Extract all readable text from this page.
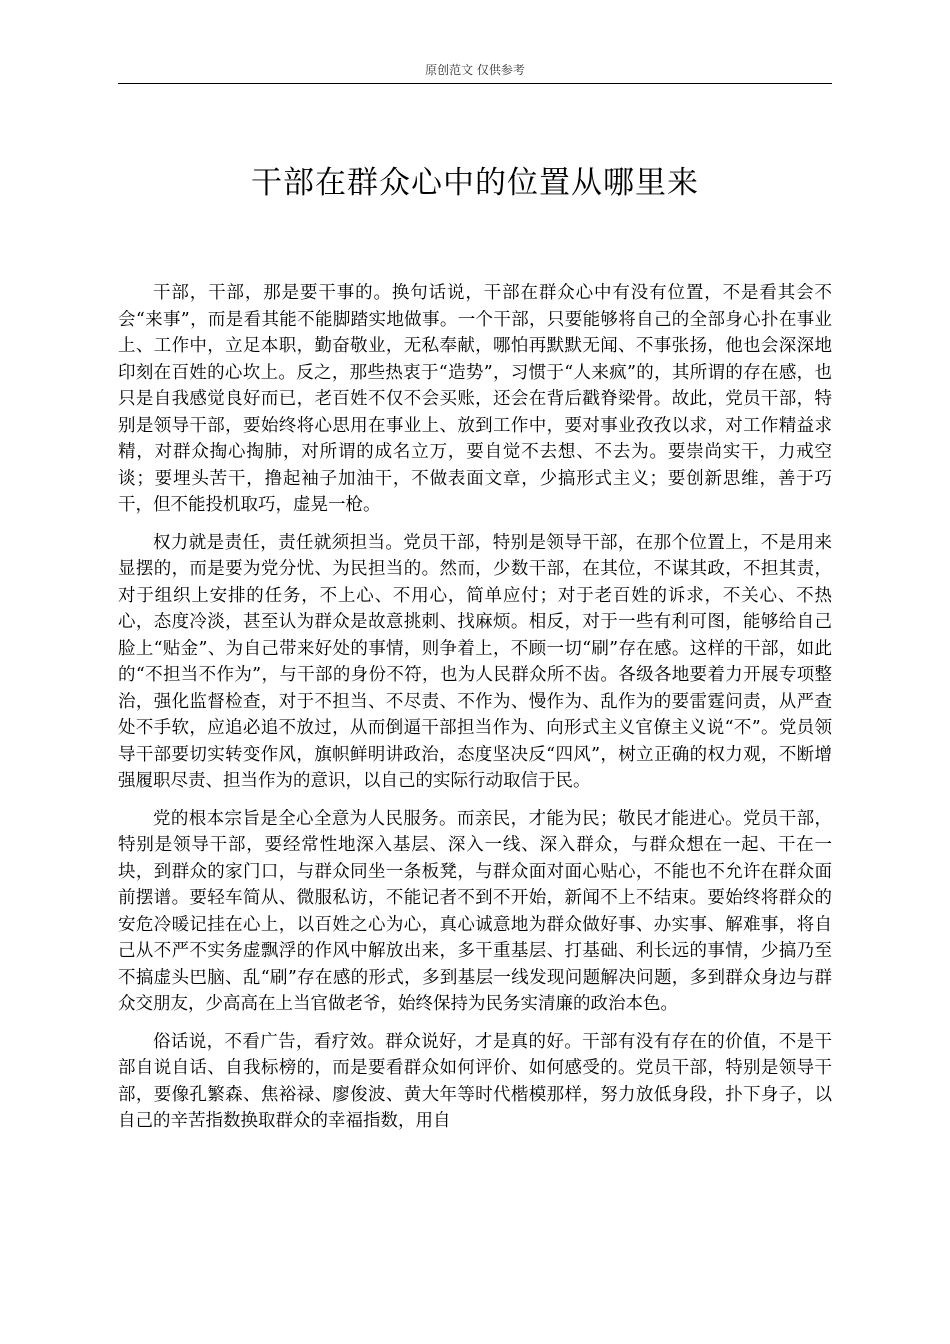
原创范文 仅供参考
干部在群众心中的位置从哪里来

干部，干部，那是要干事的。换句话说，干部在群众心中有没有位置，不是看其会不会“来事”，而是看其能不能脚踏实地做事。一个干部，只要能够将自己的全部身心扑在事业上、工作中，立足本职，勤奋敬业，无私奉献，哪怕再默默无闻、不事张扬，他也会深深地印刻在百姓的心坎上。反之，那些热衷于“造势”，习惯于“人来疯”的，其所谓的存在感，也只是自我感觉良好而已，老百姓不仅不会买账，还会在背后戳脊梁骨。故此，党员干部，特别是领导干部，要始终将心思用在事业上、放到工作中，要对事业孜孜以求，对工作精益求精，对群众掏心掏肺，对所谓的成名立万，要自觉不去想、不去为。要崇尚实干，力戒空谈；要埋头苦干，撸起袖子加油干，不做表面文章，少搞形式主义；要创新思维，善于巧干，但不能投机取巧，虚晃一枪。

权力就是责任，责任就须担当。党员干部，特别是领导干部，在那个位置上，不是用来显摆的，而是要为党分忧、为民担当的。然而，少数干部，在其位，不谋其政，不担其责，对于组织上安排的任务，不上心、不用心，简单应付；对于老百姓的诉求，不关心、不热心，态度冷淡，甚至认为群众是故意挑刺、找麻烦。相反，对于一些有利可图，能够给自己脸上“贴金”、为自己带来好处的事情，则争着上，不顾一切“刷”存在感。这样的干部，如此的“不担当不作为”，与干部的身份不符，也为人民群众所不齿。各级各地要着力开展专项整治，强化监督检查，对于不担当、不尽责、不作为、慢作为、乱作为的要雷霆问责，从严查处不手软，应追必追不放过，从而倒逼干部担当作为、向形式主义官僚主义说“不”。党员领导干部要切实转变作风，旗帜鲜明讲政治，态度坚决反“四风”，树立正确的权力观，不断增强履职尽责、担当作为的意识，以自己的实际行动取信于民。

党的根本宗旨是全心全意为人民服务。而亲民，才能为民；敬民才能进心。党员干部，特别是领导干部，要经常性地深入基层、深入一线、深入群众，与群众想在一起、干在一块，到群众的家门口，与群众同坐一条板凳，与群众面对面心贴心，不能也不允许在群众面前摆谱。要轻车简从、微服私访，不能记者不到不开始，新闻不上不结束。要始终将群众的安危冷暖记挂在心上，以百姓之心为心，真心诚意地为群众做好事、办实事、解难事，将自己从不严不实务虚飘浮的作风中解放出来，多干重基层、打基础、利长远的事情，少搞乃至不搞虚头巴脑、乱“刷”存在感的形式，多到基层一线发现问题解决问题，多到群众身边与群众交朋友，少高高在上当官做老爷，始终保持为民务实清廉的政治本色。

俗话说，不看广告，看疗效。群众说好，才是真的好。干部有没有存在的价值，不是干部自说自话、自我标榜的，而是要看群众如何评价、如何感受的。党员干部，特别是领导干部，要像孔繁森、焦裕禄、廖俊波、黄大年等时代楷模那样，努力放低身段，扑下身子，以自己的辛苦指数换取群众的幸福指数，用自
